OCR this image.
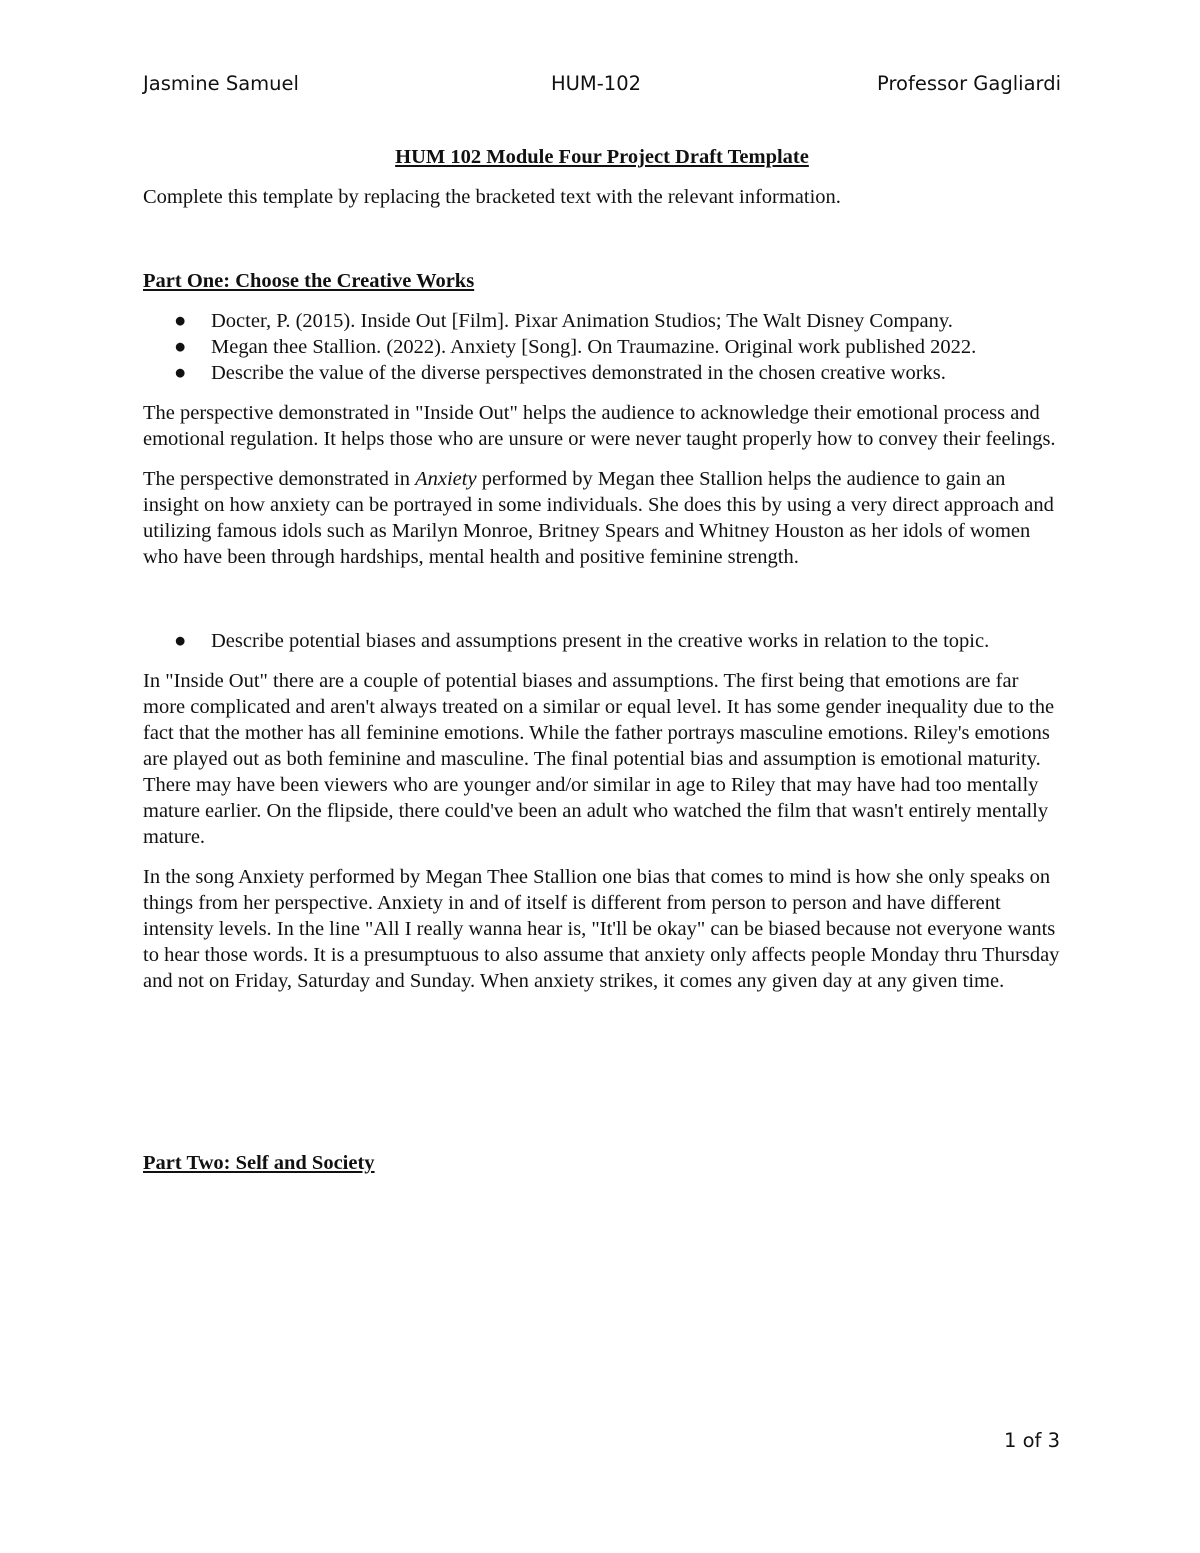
Jasmine Samuel	HUM-102	Professor Gagliardi

HUM 102 Module Four Project Draft Template

Complete this template by replacing the bracketed text with the relevant information.

Part One: Choose the Creative Works

● Docter, P. (2015). Inside Out [Film]. Pixar Animation Studios; The Walt Disney Company.
● Megan thee Stallion. (2022). Anxiety [Song]. On Traumazine. Original work published 2022.
● Describe the value of the diverse perspectives demonstrated in the chosen creative works.

The perspective demonstrated in "Inside Out" helps the audience to acknowledge their emotional process and emotional regulation. It helps those who are unsure or were never taught properly how to convey their feelings.

The perspective demonstrated in Anxiety performed by Megan thee Stallion helps the audience to gain an insight on how anxiety can be portrayed in some individuals. She does this by using a very direct approach and utilizing famous idols such as Marilyn Monroe, Britney Spears and Whitney Houston as her idols of women who have been through hardships, mental health and positive feminine strength.

● Describe potential biases and assumptions present in the creative works in relation to the topic.

In "Inside Out" there are a couple of potential biases and assumptions. The first being that emotions are far more complicated and aren't always treated on a similar or equal level. It has some gender inequality due to the fact that the mother has all feminine emotions. While the father portrays masculine emotions. Riley's emotions are played out as both feminine and masculine. The final potential bias and assumption is emotional maturity. There may have been viewers who are younger and/or similar in age to Riley that may have had too mentally mature earlier. On the flipside, there could've been an adult who watched the film that wasn't entirely mentally mature.

In the song Anxiety performed by Megan Thee Stallion one bias that comes to mind is how she only speaks on things from her perspective. Anxiety in and of itself is different from person to person and have different intensity levels. In the line "All I really wanna hear is, "It'll be okay" can be biased because not everyone wants to hear those words. It is a presumptuous to also assume that anxiety only affects people Monday thru Thursday and not on Friday, Saturday and Sunday. When anxiety strikes, it comes any given day at any given time.

Part Two: Self and Society

1 of 3
